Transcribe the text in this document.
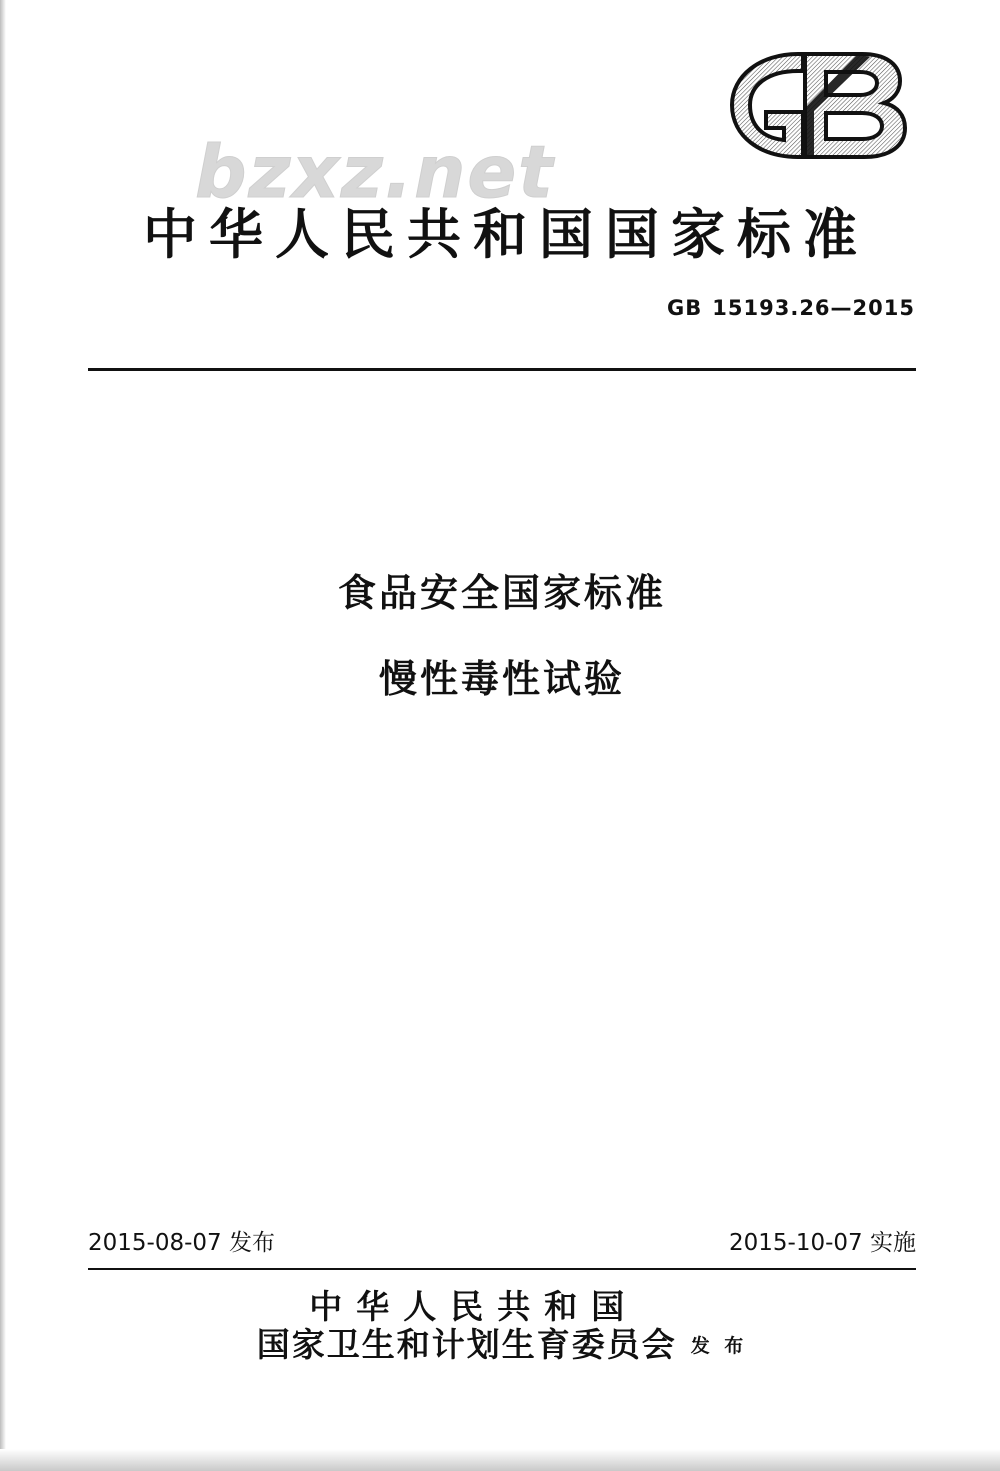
bzxz.net
中华人民共和国国家标准
GB 15193.26—2015
食品安全国家标准
慢性毒性试验
2015-08-07 发布	2015-10-07 实施
中华人民共和国
国家卫生和计划生育委员会 发 布
